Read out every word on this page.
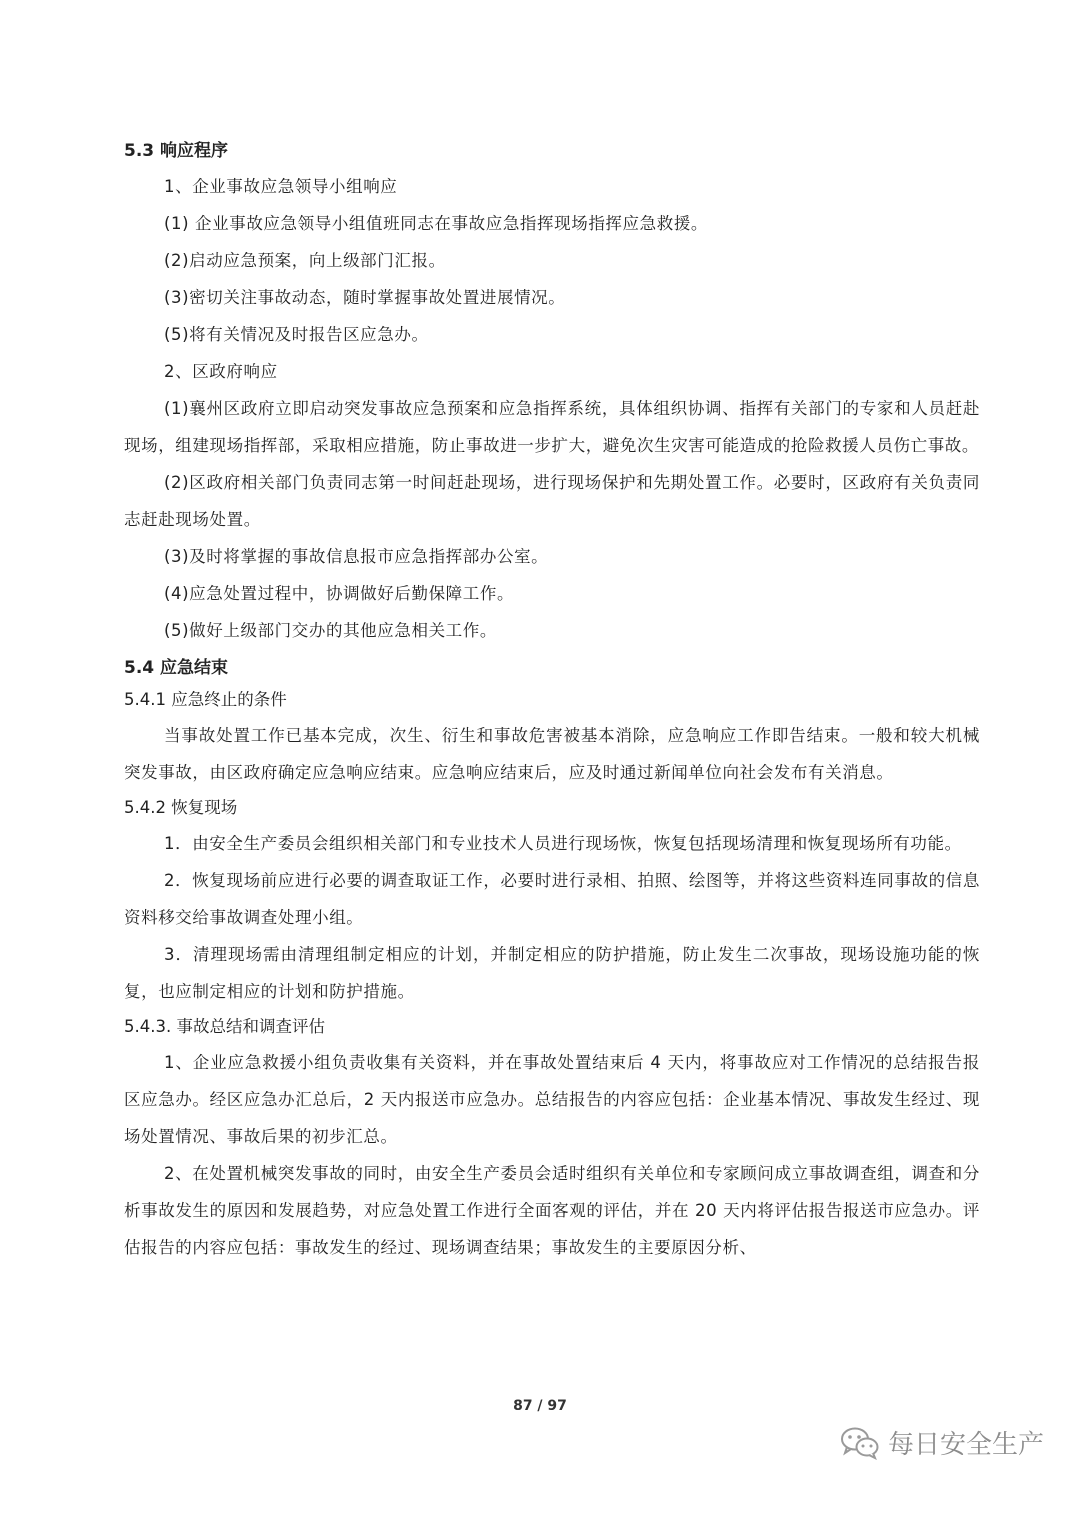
5.3 响应程序

1、企业事故应急领导小组响应

(1) 企业事故应急领导小组值班同志在事故应急指挥现场指挥应急救援。

(2)启动应急预案，向上级部门汇报。

(3)密切关注事故动态，随时掌握事故处置进展情况。

(5)将有关情况及时报告区应急办。

2、区政府响应

(1)襄州区政府立即启动突发事故应急预案和应急指挥系统，具体组织协调、指挥有关部门的专家和人员赶赴现场，组建现场指挥部，采取相应措施，防止事故进一步扩大，避免次生灾害可能造成的抢险救援人员伤亡事故。

(2)区政府相关部门负责同志第一时间赶赴现场，进行现场保护和先期处置工作。必要时，区政府有关负责同志赶赴现场处置。

(3)及时将掌握的事故信息报市应急指挥部办公室。

(4)应急处置过程中，协调做好后勤保障工作。

(5)做好上级部门交办的其他应急相关工作。

5.4 应急结束

5.4.1 应急终止的条件

当事故处置工作已基本完成，次生、衍生和事故危害被基本消除，应急响应工作即告结束。一般和较大机械突发事故，由区政府确定应急响应结束。应急响应结束后，应及时通过新闻单位向社会发布有关消息。

5.4.2 恢复现场

1．由安全生产委员会组织相关部门和专业技术人员进行现场恢，恢复包括现场清理和恢复现场所有功能。

2．恢复现场前应进行必要的调查取证工作，必要时进行录相、拍照、绘图等，并将这些资料连同事故的信息资料移交给事故调查处理小组。

3．清理现场需由清理组制定相应的计划，并制定相应的防护措施，防止发生二次事故，现场设施功能的恢复，也应制定相应的计划和防护措施。

5.4.3. 事故总结和调查评估

1、企业应急救援小组负责收集有关资料，并在事故处置结束后 4 天内，将事故应对工作情况的总结报告报区应急办。经区应急办汇总后，2 天内报送市应急办。总结报告的内容应包括：企业基本情况、事故发生经过、现场处置情况、事故后果的初步汇总。

2、在处置机械突发事故的同时，由安全生产委员会适时组织有关单位和专家顾问成立事故调查组，调查和分析事故发生的原因和发展趋势，对应急处置工作进行全面客观的评估，并在 20 天内将评估报告报送市应急办。评估报告的内容应包括：事故发生的经过、现场调查结果；事故发生的主要原因分析、

87 / 97
每日安全生产
